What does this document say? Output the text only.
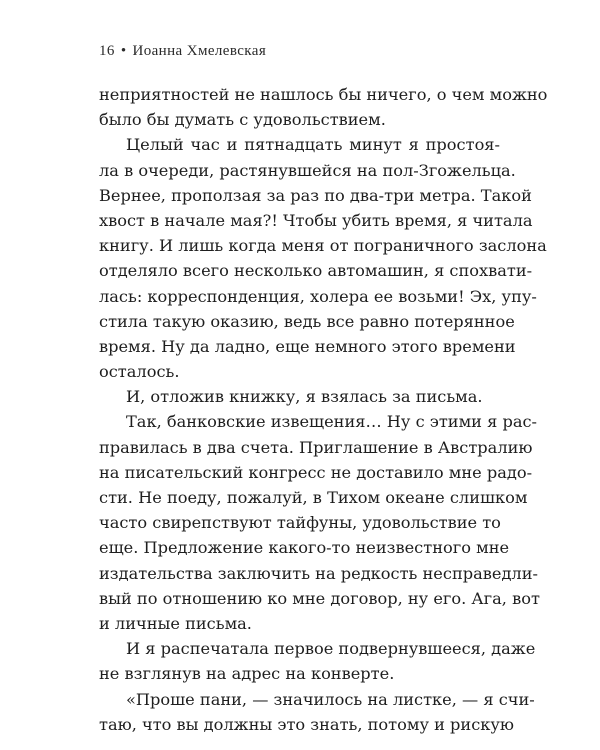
16 • Иоанна Хмелевская
неприятностей не нашлось бы ничего, о чем можно
было бы думать с удовольствием.
Целый час и пятнадцать минут я простоя-
ла в очереди, растянувшейся на пол-Згожельца.
Вернее, проползая за раз по два-три метра. Такой
хвост в начале мая?! Чтобы убить время, я читала
книгу. И лишь когда меня от пограничного заслона
отделяло всего несколько автомашин, я спохвати-
лась: корреспонденция, холера ее возьми! Эх, упу-
стила такую оказию, ведь все равно потерянное
время. Ну да ладно, еще немного этого времени
осталось.
И, отложив книжку, я взялась за письма.
Так, банковские извещения… Ну с этими я рас-
правилась в два счета. Приглашение в Австралию
на писательский конгресс не доставило мне радо-
сти. Не поеду, пожалуй, в Тихом океане слишком
часто свирепствуют тайфуны, удовольствие то
еще. Предложение какого-то неизвестного мне
издательства заключить на редкость несправедли-
вый по отношению ко мне договор, ну его. Ага, вот
и личные письма.
И я распечатала первое подвернувшееся, даже
не взглянув на адрес на конверте.
«Проше пани, — значилось на листке, — я счи-
таю, что вы должны это знать, потому и рискую
